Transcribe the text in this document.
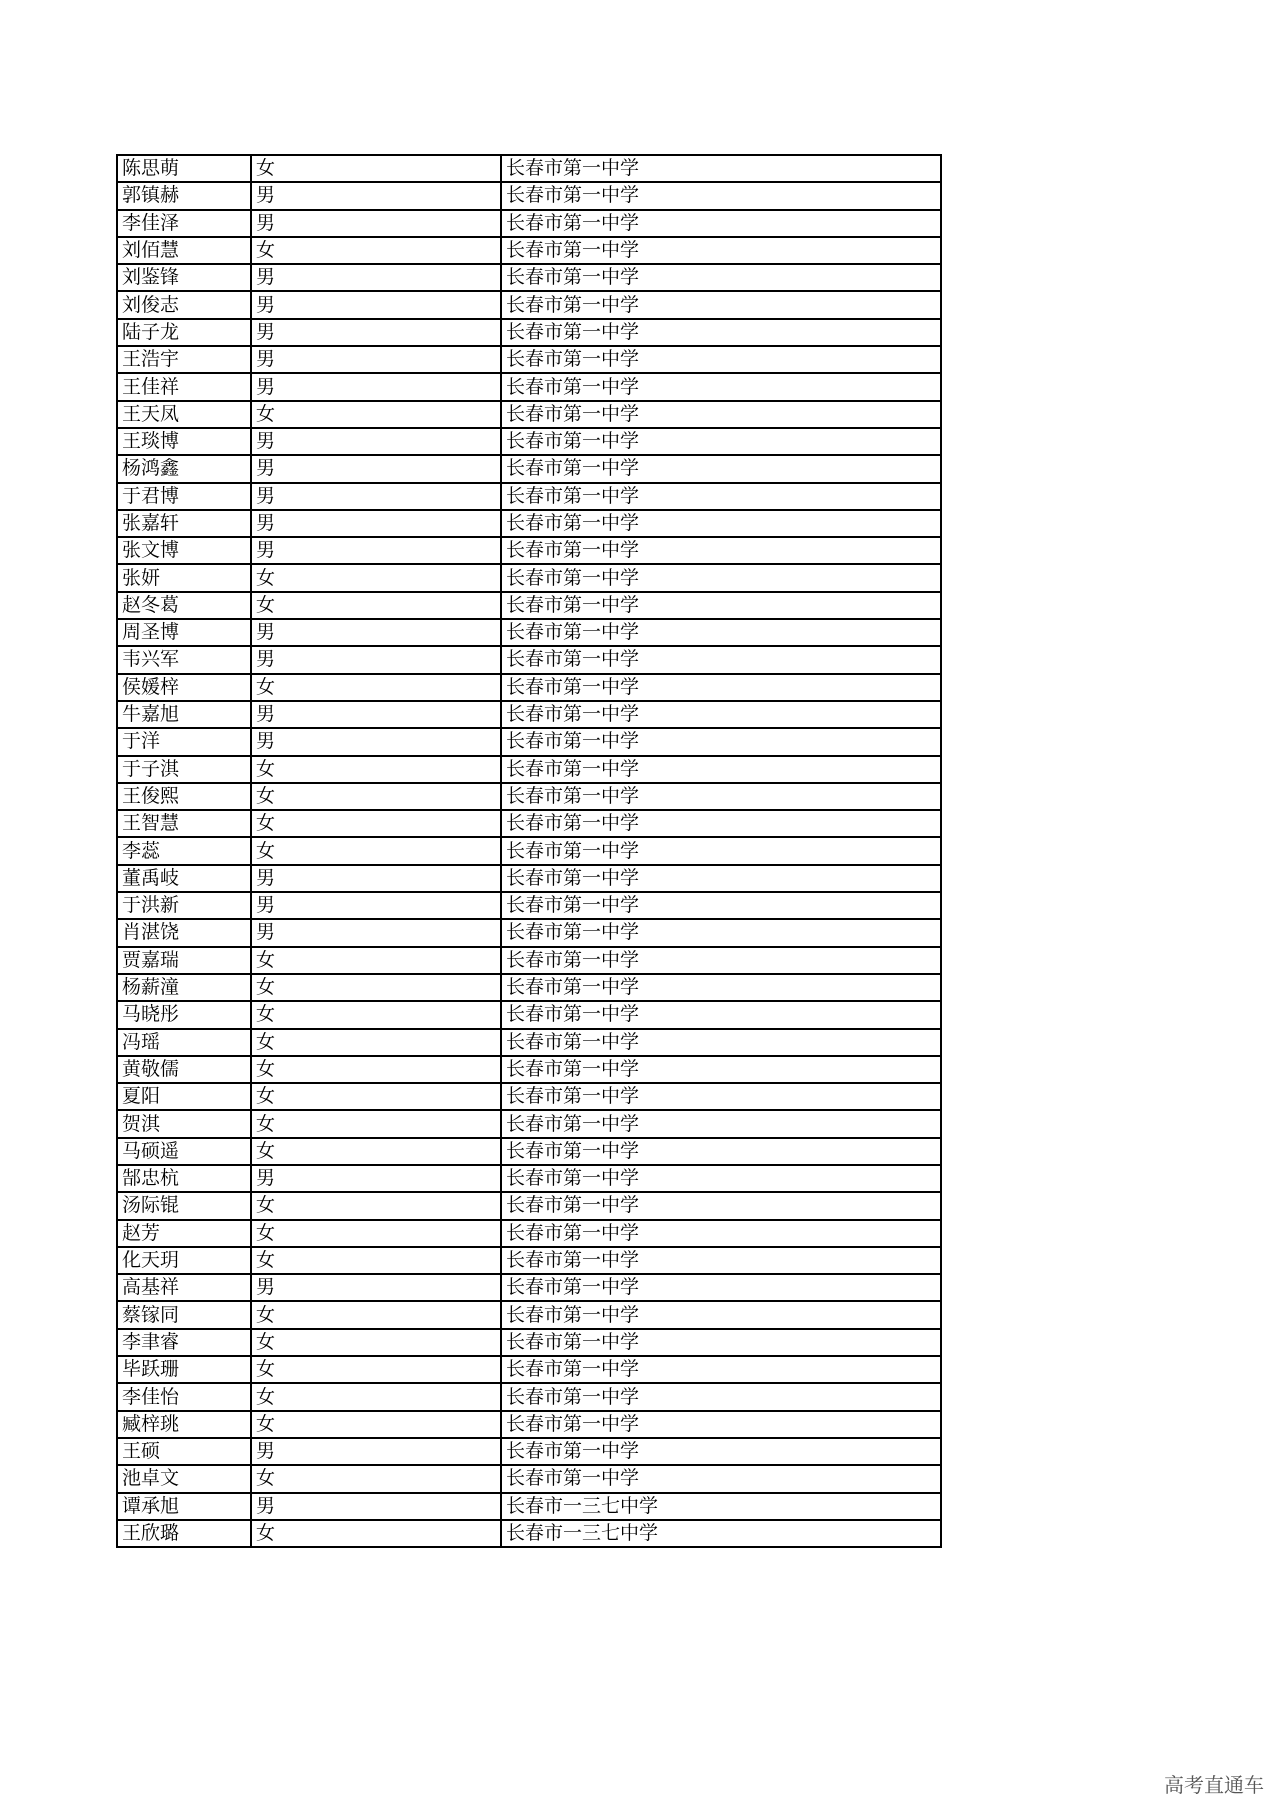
陈思萌	女	长春市第一中学
郭镇赫	男	长春市第一中学
李佳泽	男	长春市第一中学
刘佰慧	女	长春市第一中学
刘鉴锋	男	长春市第一中学
刘俊志	男	长春市第一中学
陆子龙	男	长春市第一中学
王浩宇	男	长春市第一中学
王佳祥	男	长春市第一中学
王天凤	女	长春市第一中学
王琰博	男	长春市第一中学
杨鸿鑫	男	长春市第一中学
于君博	男	长春市第一中学
张嘉轩	男	长春市第一中学
张文博	男	长春市第一中学
张妍	女	长春市第一中学
赵冬葛	女	长春市第一中学
周圣博	男	长春市第一中学
韦兴军	男	长春市第一中学
侯媛梓	女	长春市第一中学
牛嘉旭	男	长春市第一中学
于洋	男	长春市第一中学
于子淇	女	长春市第一中学
王俊熙	女	长春市第一中学
王智慧	女	长春市第一中学
李蕊	女	长春市第一中学
董禹岐	男	长春市第一中学
于洪新	男	长春市第一中学
肖湛饶	男	长春市第一中学
贾嘉瑞	女	长春市第一中学
杨薪潼	女	长春市第一中学
马晓彤	女	长春市第一中学
冯瑶	女	长春市第一中学
黄敬儒	女	长春市第一中学
夏阳	女	长春市第一中学
贺淇	女	长春市第一中学
马硕遥	女	长春市第一中学
郜忠杭	男	长春市第一中学
汤际锟	女	长春市第一中学
赵芳	女	长春市第一中学
化天玥	女	长春市第一中学
高基祥	男	长春市第一中学
蔡镓同	女	长春市第一中学
李聿睿	女	长春市第一中学
毕跃珊	女	长春市第一中学
李佳怡	女	长春市第一中学
臧梓珧	女	长春市第一中学
王硕	男	长春市第一中学
池卓文	女	长春市第一中学
谭承旭	男	长春市一三七中学
王欣璐	女	长春市一三七中学
高考直通车
